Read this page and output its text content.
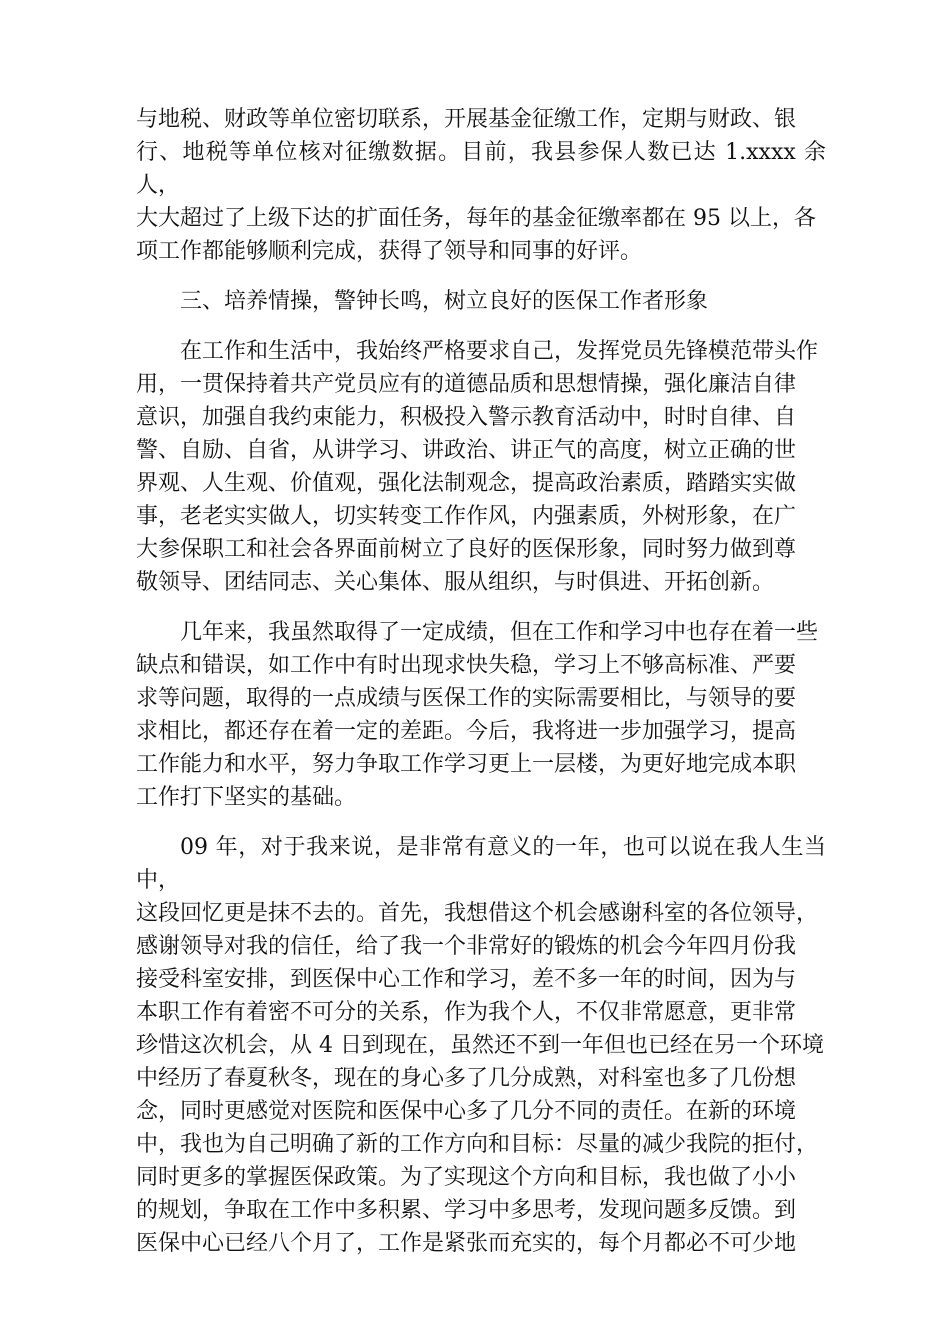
与地税、财政等单位密切联系，开展基金征缴工作，定期与财政、银
行、地税等单位核对征缴数据。目前，我县参保人数已达 1.xxxx 余人，
大大超过了上级下达的扩面任务，每年的基金征缴率都在 95 以上，各
项工作都能够顺利完成，获得了领导和同事的好评。

三、培养情操，警钟长鸣，树立良好的医保工作者形象

在工作和生活中，我始终严格要求自己，发挥党员先锋模范带头作
用，一贯保持着共产党员应有的道德品质和思想情操，强化廉洁自律
意识，加强自我约束能力，积极投入警示教育活动中，时时自律、自
警、自励、自省，从讲学习、讲政治、讲正气的高度，树立正确的世
界观、人生观、价值观，强化法制观念，提高政治素质，踏踏实实做
事，老老实实做人，切实转变工作作风，内强素质，外树形象，在广
大参保职工和社会各界面前树立了良好的医保形象，同时努力做到尊
敬领导、团结同志、关心集体、服从组织，与时俱进、开拓创新。

几年来，我虽然取得了一定成绩，但在工作和学习中也存在着一些
缺点和错误，如工作中有时出现求快失稳，学习上不够高标准、严要
求等问题，取得的一点成绩与医保工作的实际需要相比，与领导的要
求相比，都还存在着一定的差距。今后，我将进一步加强学习，提高
工作能力和水平，努力争取工作学习更上一层楼，为更好地完成本职
工作打下坚实的基础。

09 年，对于我来说，是非常有意义的一年，也可以说在我人生当中，
这段回忆更是抹不去的。首先，我想借这个机会感谢科室的各位领导，
感谢领导对我的信任，给了我一个非常好的锻炼的机会今年四月份我
接受科室安排，到医保中心工作和学习，差不多一年的时间，因为与
本职工作有着密不可分的关系，作为我个人，不仅非常愿意，更非常
珍惜这次机会，从 4 日到现在，虽然还不到一年但也已经在另一个环境
中经历了春夏秋冬，现在的身心多了几分成熟，对科室也多了几份想
念，同时更感觉对医院和医保中心多了几分不同的责任。在新的环境
中，我也为自己明确了新的工作方向和目标：尽量的减少我院的拒付，
同时更多的掌握医保政策。为了实现这个方向和目标，我也做了小小
的规划，争取在工作中多积累、学习中多思考，发现问题多反馈。到
医保中心已经八个月了，工作是紧张而充实的，每个月都必不可少地
